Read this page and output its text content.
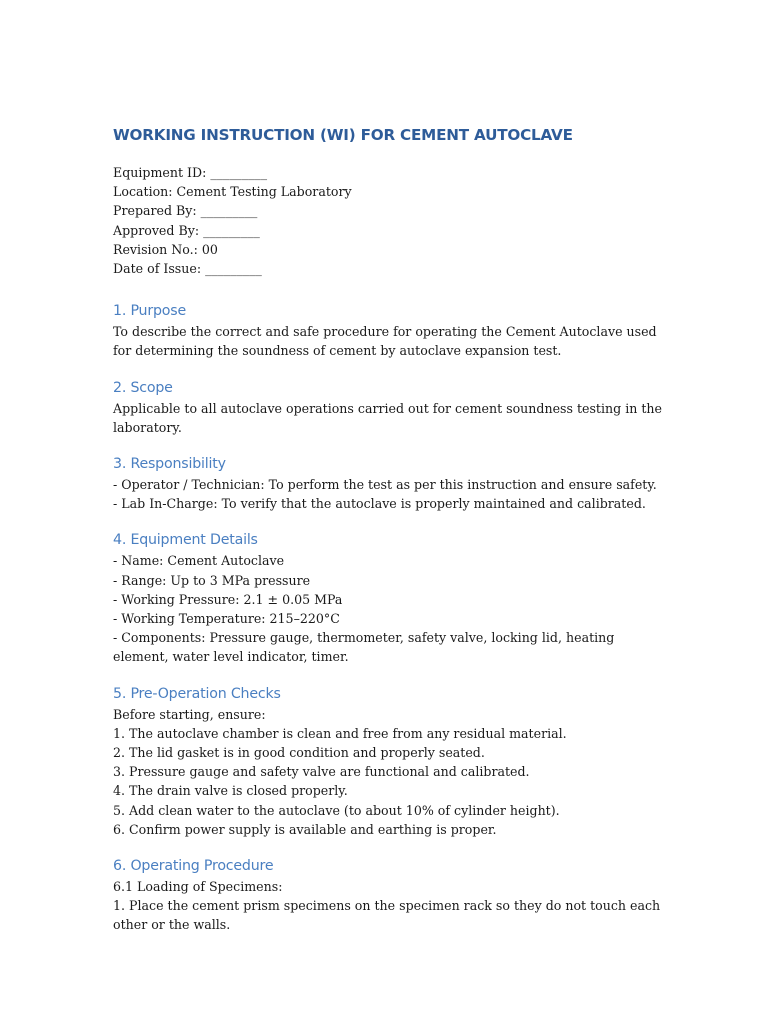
WORKING INSTRUCTION (WI) FOR CEMENT AUTOCLAVE
Equipment ID: _________
Location: Cement Testing Laboratory
Prepared By: _________
Approved By: _________
Revision No.: 00
Date of Issue: _________
1. Purpose
To describe the correct and safe procedure for operating the Cement Autoclave used for determining the soundness of cement by autoclave expansion test.
2. Scope
Applicable to all autoclave operations carried out for cement soundness testing in the laboratory.
3. Responsibility
- Operator / Technician: To perform the test as per this instruction and ensure safety.
- Lab In-Charge: To verify that the autoclave is properly maintained and calibrated.
4. Equipment Details
- Name: Cement Autoclave
- Range: Up to 3 MPa pressure
- Working Pressure: 2.1 ± 0.05 MPa
- Working Temperature: 215–220°C
- Components: Pressure gauge, thermometer, safety valve, locking lid, heating element, water level indicator, timer.
5. Pre-Operation Checks
Before starting, ensure:
1. The autoclave chamber is clean and free from any residual material.
2. The lid gasket is in good condition and properly seated.
3. Pressure gauge and safety valve are functional and calibrated.
4. The drain valve is closed properly.
5. Add clean water to the autoclave (to about 10% of cylinder height).
6. Confirm power supply is available and earthing is proper.
6. Operating Procedure
6.1 Loading of Specimens:
1. Place the cement prism specimens on the specimen rack so they do not touch each other or the walls.
